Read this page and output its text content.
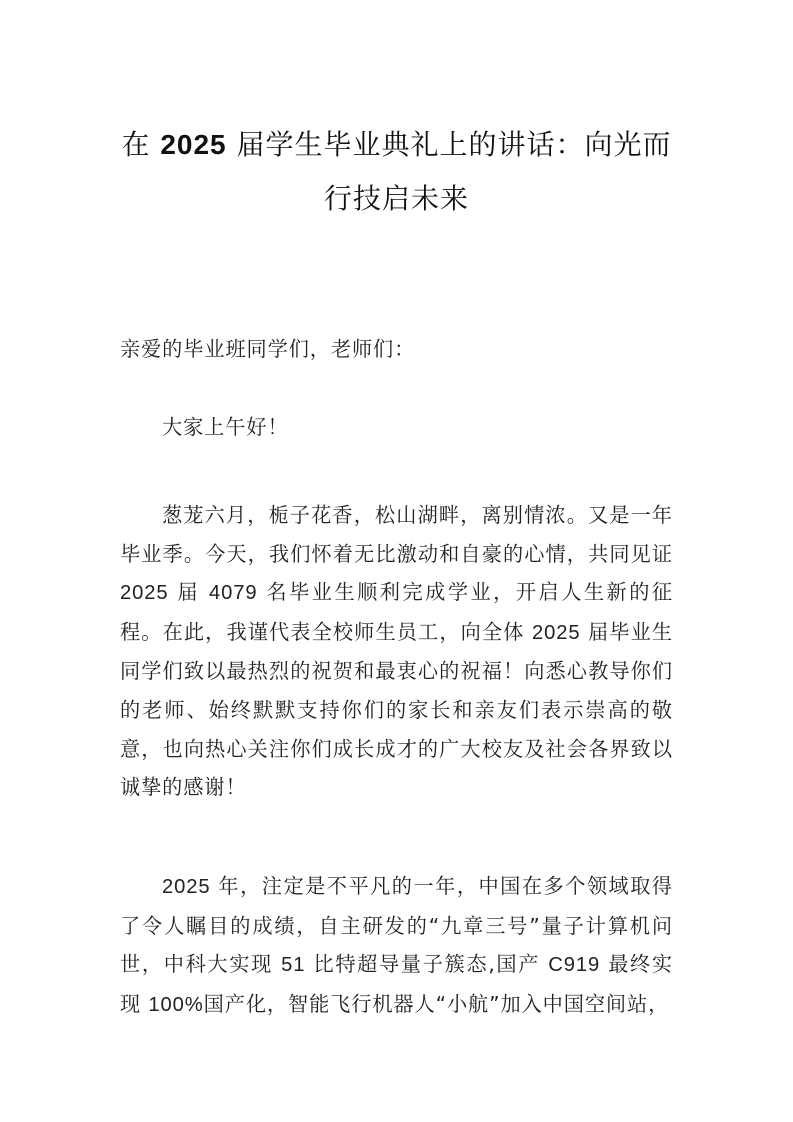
在 2025 届学生毕业典礼上的讲话：向光而
行技启未来

亲爱的毕业班同学们，老师们：

大家上午好！

葱茏六月，栀子花香，松山湖畔，离别情浓。又是一年毕业季。今天，我们怀着无比激动和自豪的心情，共同见证2025 届 4079 名毕业生顺利完成学业，开启人生新的征程。在此，我谨代表全校师生员工，向全体 2025 届毕业生同学们致以最热烈的祝贺和最衷心的祝福！向悉心教导你们的老师、始终默默支持你们的家长和亲友们表示崇高的敬意，也向热心关注你们成长成才的广大校友及社会各界致以诚挚的感谢！

2025 年，注定是不平凡的一年，中国在多个领域取得了令人瞩目的成绩，自主研发的“九章三号”量子计算机问世，中科大实现 51 比特超导量子簇态,国产 C919 最终实现 100%国产化，智能飞行机器人“小航”加入中国空间站，
